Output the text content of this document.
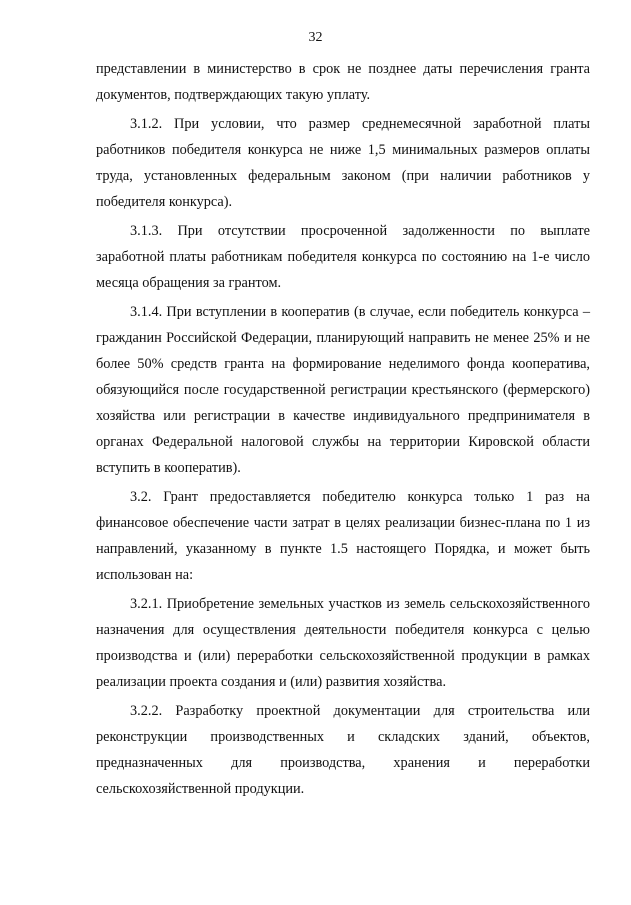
32

представлении в министерство в срок не позднее даты перечисления гранта документов, подтверждающих такую уплату.

3.1.2. При условии, что размер среднемесячной заработной платы работников победителя конкурса не ниже 1,5 минимальных размеров оплаты труда, установленных федеральным законом (при наличии работников у победителя конкурса).

3.1.3. При отсутствии просроченной задолженности по выплате заработной платы работникам победителя конкурса по состоянию на 1-е число месяца обращения за грантом.

3.1.4. При вступлении в кооператив (в случае, если победитель конкурса – гражданин Российской Федерации, планирующий направить не менее 25% и не более 50% средств гранта на формирование неделимого фонда кооператива, обязующийся после государственной регистрации крестьянского (фермерского) хозяйства или регистрации в качестве индивидуального предпринимателя в органах Федеральной налоговой службы на территории Кировской области вступить в кооператив).

3.2. Грант предоставляется победителю конкурса только 1 раз на финансовое обеспечение части затрат в целях реализации бизнес-плана по 1 из направлений, указанному в пункте 1.5 настоящего Порядка, и может быть использован на:

3.2.1. Приобретение земельных участков из земель сельскохозяйственного назначения для осуществления деятельности победителя конкурса с целью производства и (или) переработки сельскохозяйственной продукции в рамках реализации проекта создания и (или) развития хозяйства.

3.2.2. Разработку проектной документации для строительства или реконструкции производственных и складских зданий, объектов, предназначенных для производства, хранения и переработки сельскохозяйственной продукции.
